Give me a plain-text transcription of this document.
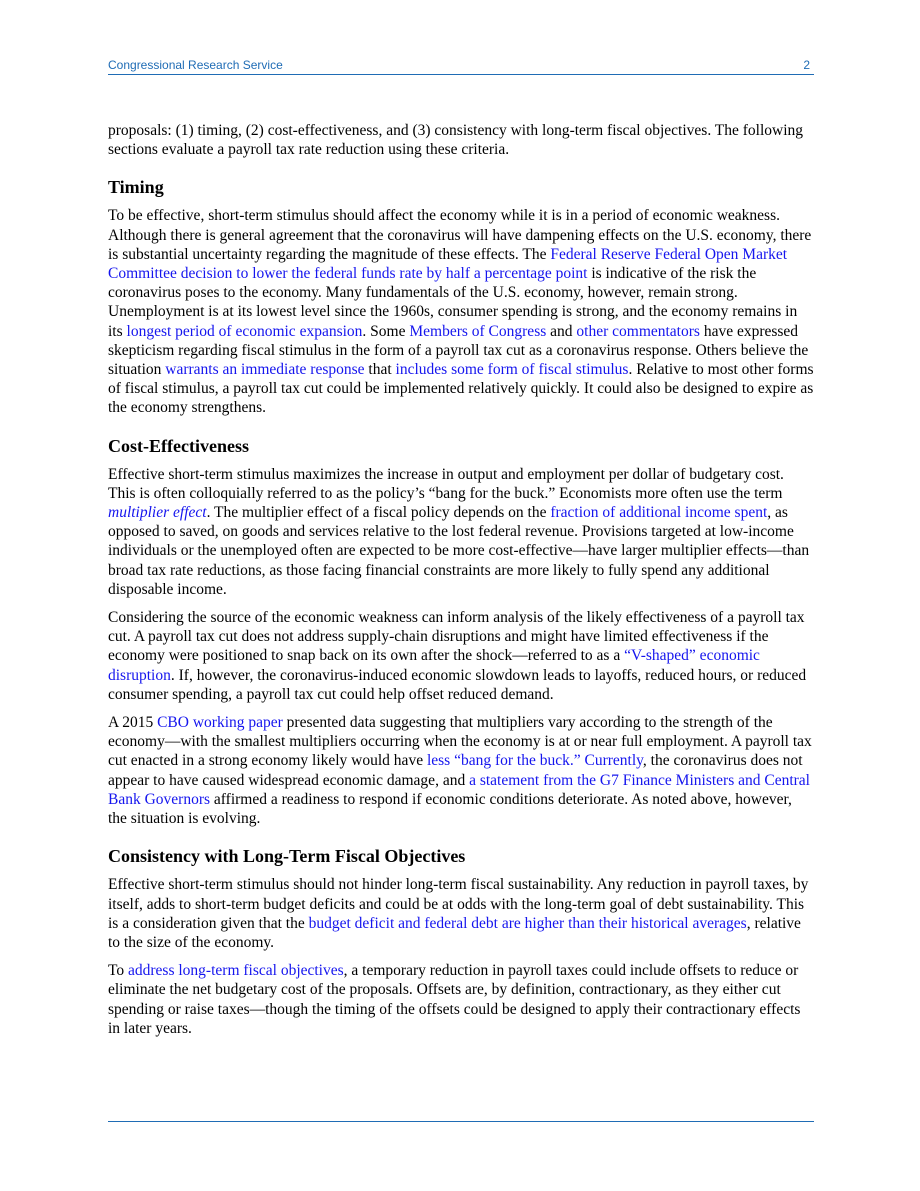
Congressional Research Service	2

proposals: (1) timing, (2) cost-effectiveness, and (3) consistency with long-term fiscal objectives. The following sections evaluate a payroll tax rate reduction using these criteria.

Timing

To be effective, short-term stimulus should affect the economy while it is in a period of economic weakness. Although there is general agreement that the coronavirus will have dampening effects on the U.S. economy, there is substantial uncertainty regarding the magnitude of these effects. The Federal Reserve Federal Open Market Committee decision to lower the federal funds rate by half a percentage point is indicative of the risk the coronavirus poses to the economy. Many fundamentals of the U.S. economy, however, remain strong. Unemployment is at its lowest level since the 1960s, consumer spending is strong, and the economy remains in its longest period of economic expansion. Some Members of Congress and other commentators have expressed skepticism regarding fiscal stimulus in the form of a payroll tax cut as a coronavirus response. Others believe the situation warrants an immediate response that includes some form of fiscal stimulus. Relative to most other forms of fiscal stimulus, a payroll tax cut could be implemented relatively quickly. It could also be designed to expire as the economy strengthens.

Cost-Effectiveness

Effective short-term stimulus maximizes the increase in output and employment per dollar of budgetary cost. This is often colloquially referred to as the policy’s “bang for the buck.” Economists more often use the term multiplier effect. The multiplier effect of a fiscal policy depends on the fraction of additional income spent, as opposed to saved, on goods and services relative to the lost federal revenue. Provisions targeted at low-income individuals or the unemployed often are expected to be more cost-effective—have larger multiplier effects—than broad tax rate reductions, as those facing financial constraints are more likely to fully spend any additional disposable income.

Considering the source of the economic weakness can inform analysis of the likely effectiveness of a payroll tax cut. A payroll tax cut does not address supply-chain disruptions and might have limited effectiveness if the economy were positioned to snap back on its own after the shock—referred to as a “V-shaped” economic disruption. If, however, the coronavirus-induced economic slowdown leads to layoffs, reduced hours, or reduced consumer spending, a payroll tax cut could help offset reduced demand.

A 2015 CBO working paper presented data suggesting that multipliers vary according to the strength of the economy—with the smallest multipliers occurring when the economy is at or near full employment. A payroll tax cut enacted in a strong economy likely would have less “bang for the buck.” Currently, the coronavirus does not appear to have caused widespread economic damage, and a statement from the G7 Finance Ministers and Central Bank Governors affirmed a readiness to respond if economic conditions deteriorate. As noted above, however, the situation is evolving.

Consistency with Long-Term Fiscal Objectives

Effective short-term stimulus should not hinder long-term fiscal sustainability. Any reduction in payroll taxes, by itself, adds to short-term budget deficits and could be at odds with the long-term goal of debt sustainability. This is a consideration given that the budget deficit and federal debt are higher than their historical averages, relative to the size of the economy.

To address long-term fiscal objectives, a temporary reduction in payroll taxes could include offsets to reduce or eliminate the net budgetary cost of the proposals. Offsets are, by definition, contractionary, as they either cut spending or raise taxes—though the timing of the offsets could be designed to apply their contractionary effects in later years.
